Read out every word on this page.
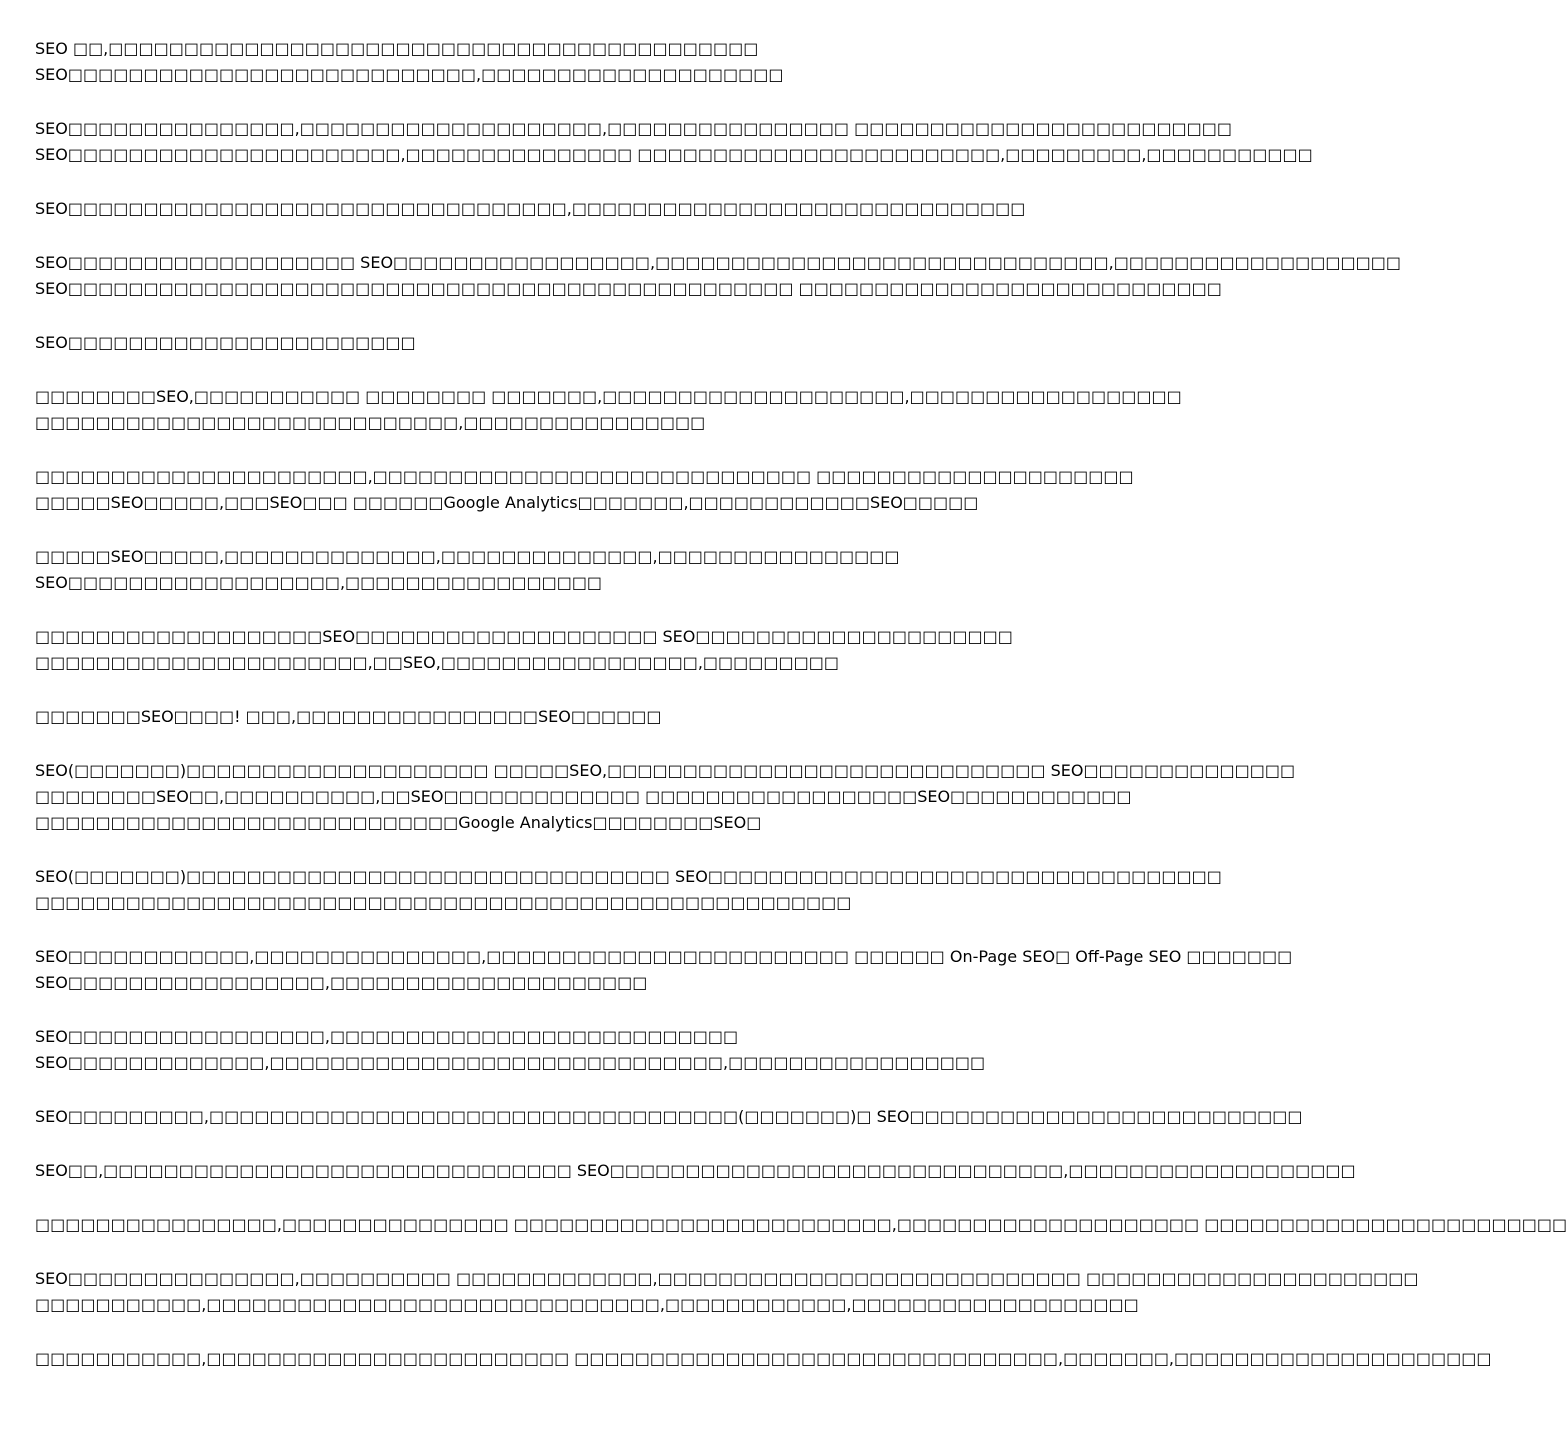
SEO □□,□□□□□□□□□□□□□□□□□□□□□□□□□□□□□□□□□□□□□□□□□□□
SEO□□□□□□□□□□□□□□□□□□□□□□□□□□□,□□□□□□□□□□□□□□□□□□□□
SEO□□□□□□□□□□□□□□□,□□□□□□□□□□□□□□□□□□□□,□□□□□□□□□□□□□□□□ □□□□□□□□□□□□□□□□□□□□□□□□□
SEO□□□□□□□□□□□□□□□□□□□□□□,□□□□□□□□□□□□□□□ □□□□□□□□□□□□□□□□□□□□□□□□,□□□□□□□□□,□□□□□□□□□□□
SEO□□□□□□□□□□□□□□□□□□□□□□□□□□□□□□□□□,□□□□□□□□□□□□□□□□□□□□□□□□□□□□□□
SEO□□□□□□□□□□□□□□□□□□□ SEO□□□□□□□□□□□□□□□□□,□□□□□□□□□□□□□□□□□□□□□□□□□□□□□□,□□□□□□□□□□□□□□□□□□□
SEO□□□□□□□□□□□□□□□□□□□□□□□□□□□□□□□□□□□□□□□□□□□□□□□□ □□□□□□□□□□□□□□□□□□□□□□□□□□□□
SEO□□□□□□□□□□□□□□□□□□□□□□□
□□□□□□□□SEO,□□□□□□□□□□□ □□□□□□□□ □□□□□□□,□□□□□□□□□□□□□□□□□□□□,□□□□□□□□□□□□□□□□□□
□□□□□□□□□□□□□□□□□□□□□□□□□□□□,□□□□□□□□□□□□□□□□
□□□□□□□□□□□□□□□□□□□□□□,□□□□□□□□□□□□□□□□□□□□□□□□□□□□□ □□□□□□□□□□□□□□□□□□□□□
□□□□□SEO□□□□□,□□□SEO□□□ □□□□□□Google Analytics□□□□□□□,□□□□□□□□□□□□SEO□□□□□
□□□□□SEO□□□□□,□□□□□□□□□□□□□□,□□□□□□□□□□□□□□,□□□□□□□□□□□□□□□□
SEO□□□□□□□□□□□□□□□□□□,□□□□□□□□□□□□□□□□□
□□□□□□□□□□□□□□□□□□□SEO□□□□□□□□□□□□□□□□□□□□ SEO□□□□□□□□□□□□□□□□□□□□□
□□□□□□□□□□□□□□□□□□□□□□,□□SEO,□□□□□□□□□□□□□□□□□,□□□□□□□□□
□□□□□□□SEO□□□□! □□□,□□□□□□□□□□□□□□□□SEO□□□□□□
SEO(□□□□□□□)□□□□□□□□□□□□□□□□□□□□ □□□□□SEO,□□□□□□□□□□□□□□□□□□□□□□□□□□□□□ SEO□□□□□□□□□□□□□□
□□□□□□□□SEO□□,□□□□□□□□□□,□□SEO□□□□□□□□□□□□□ □□□□□□□□□□□□□□□□□□SEO□□□□□□□□□□□□
□□□□□□□□□□□□□□□□□□□□□□□□□□□□Google Analytics□□□□□□□□SEO□
SEO(□□□□□□□)□□□□□□□□□□□□□□□□□□□□□□□□□□□□□□□□ SEO□□□□□□□□□□□□□□□□□□□□□□□□□□□□□□□□□□
□□□□□□□□□□□□□□□□□□□□□□□□□□□□□□□□□□□□□□□□□□□□□□□□□□□□□□
SEO□□□□□□□□□□□□,□□□□□□□□□□□□□□□,□□□□□□□□□□□□□□□□□□□□□□□□ □□□□□□ On-Page SEO□ Off-Page SEO □□□□□□□
SEO□□□□□□□□□□□□□□□□□,□□□□□□□□□□□□□□□□□□□□□
SEO□□□□□□□□□□□□□□□□□,□□□□□□□□□□□□□□□□□□□□□□□□□□□
SEO□□□□□□□□□□□□□,□□□□□□□□□□□□□□□□□□□□□□□□□□□□□□,□□□□□□□□□□□□□□□□□
SEO□□□□□□□□□,□□□□□□□□□□□□□□□□□□□□□□□□□□□□□□□□□□□(□□□□□□□)□ SEO□□□□□□□□□□□□□□□□□□□□□□□□□□
SEO□□,□□□□□□□□□□□□□□□□□□□□□□□□□□□□□□□ SEO□□□□□□□□□□□□□□□□□□□□□□□□□□□□□□,□□□□□□□□□□□□□□□□□□□
□□□□□□□□□□□□□□□□,□□□□□□□□□□□□□□□ □□□□□□□□□□□□□□□□□□□□□□□□□,□□□□□□□□□□□□□□□□□□□□ □□□□□□□□□□□□□□□□□□□□□□□□
SEO□□□□□□□□□□□□□□□,□□□□□□□□□□ □□□□□□□□□□□□□,□□□□□□□□□□□□□□□□□□□□□□□□□□□□ □□□□□□□□□□□□□□□□□□□□□□
□□□□□□□□□□□,□□□□□□□□□□□□□□□□□□□□□□□□□□□□□□,□□□□□□□□□□□□,□□□□□□□□□□□□□□□□□□□
□□□□□□□□□□□,□□□□□□□□□□□□□□□□□□□□□□□□ □□□□□□□□□□□□□□□□□□□□□□□□□□□□□□□□,□□□□□□□,□□□□□□□□□□□□□□□□□□□□□
